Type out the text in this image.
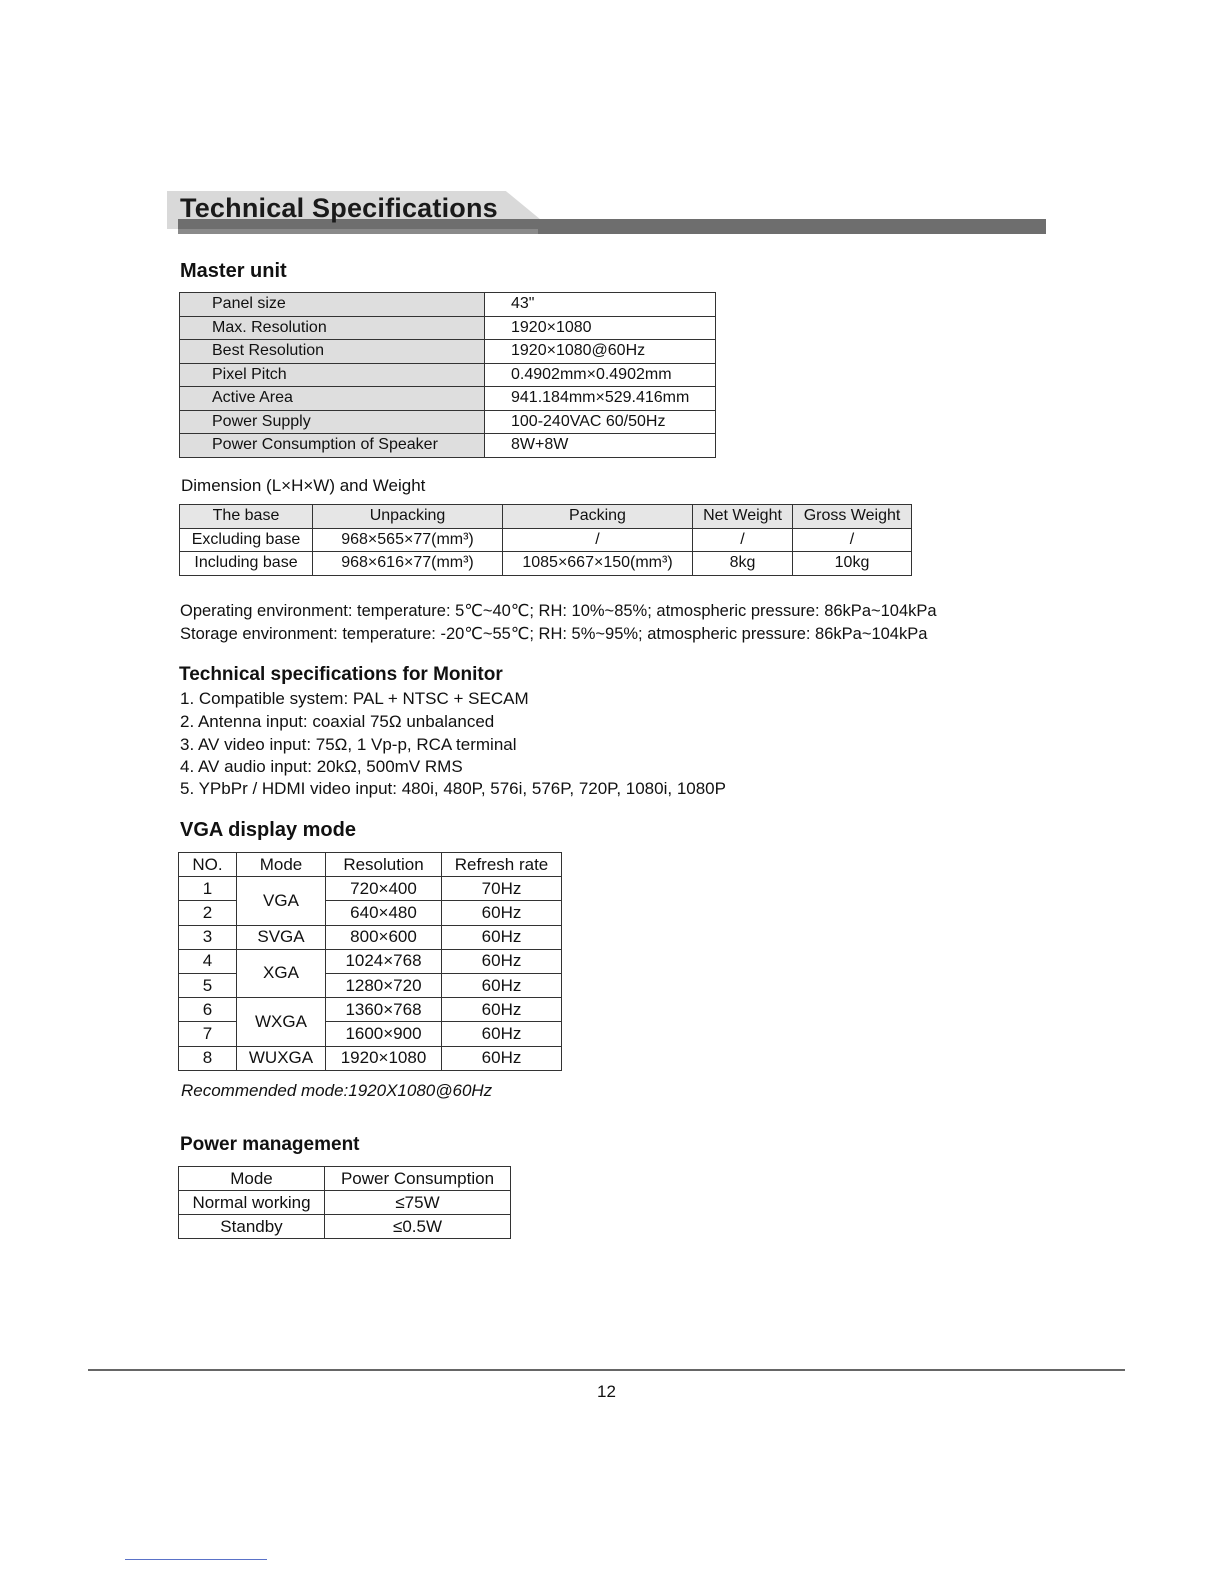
Technical Specifications
Master unit
Panel size	43"
Max. Resolution	1920×1080
Best Resolution	1920×1080@60Hz
Pixel Pitch	0.4902mm×0.4902mm
Active Area	941.184mm×529.416mm
Power Supply	100-240VAC 60/50Hz
Power Consumption of Speaker	8W+8W
Dimension (L×H×W) and Weight
The base	Unpacking	Packing	Net Weight	Gross Weight
Excluding base	968×565×77(mm³)	/	/	/
Including base	968×616×77(mm³)	1085×667×150(mm³)	8kg	10kg
Operating environment: temperature: 5℃~40℃; RH: 10%~85%; atmospheric pressure: 86kPa~104kPa
Storage environment: temperature: -20℃~55℃; RH: 5%~95%; atmospheric pressure: 86kPa~104kPa
Technical specifications for Monitor
1. Compatible system: PAL + NTSC + SECAM
2. Antenna input: coaxial 75Ω unbalanced
3. AV video input: 75Ω, 1 Vp-p, RCA terminal
4. AV audio input: 20kΩ, 500mV RMS
5. YPbPr / HDMI video input: 480i, 480P, 576i, 576P, 720P, 1080i, 1080P
VGA display mode
NO.	Mode	Resolution	Refresh rate
1	VGA	720×400	70Hz
2		640×480	60Hz
3	SVGA	800×600	60Hz
4	XGA	1024×768	60Hz
5		1280×720	60Hz
6	WXGA	1360×768	60Hz
7		1600×900	60Hz
8	WUXGA	1920×1080	60Hz
Recommended mode:1920X1080@60Hz
Power management
Mode	Power Consumption
Normal working	≤75W
Standby	≤0.5W
12
